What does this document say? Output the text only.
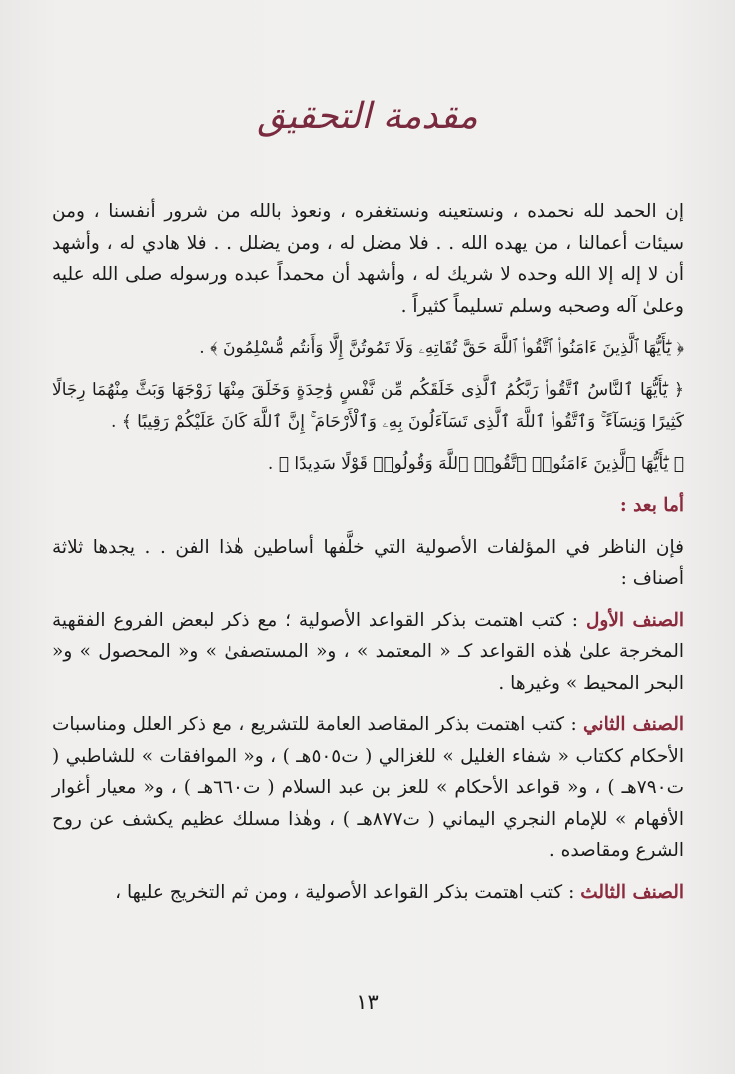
مقدمة التحقيق

إن الحمد لله نحمده ، ونستعينه ونستغفره ، ونعوذ بالله من شرور أنفسنا ، ومن سيئات أعمالنا ، من يهده الله . . فلا مضل له ، ومن يضلل . . فلا هادي له ، وأشهد أن لا إله إلا الله وحده لا شريك له ، وأشهد أن محمداً عبده ورسوله صلى الله عليه وعلىٰ آله وصحبه وسلم تسليماً كثيراً .

﴿ يَٰٓأَيُّهَا ٱلَّذِينَ ءَامَنُوا۟ ٱتَّقُوا۟ ٱللَّهَ حَقَّ تُقَاتِهِۦ وَلَا تَمُوتُنَّ إِلَّا وَأَنتُم مُّسْلِمُونَ ﴾ .

﴿ يَٰٓأَيُّهَا ٱلنَّاسُ ٱتَّقُوا۟ رَبَّكُمُ ٱلَّذِى خَلَقَكُم مِّن نَّفْسٍ وَٰحِدَةٍ وَخَلَقَ مِنْهَا زَوْجَهَا وَبَثَّ مِنْهُمَا رِجَالًا كَثِيرًا وَنِسَآءً ۚ وَٱتَّقُوا۟ ٱللَّهَ ٱلَّذِى تَسَآءَلُونَ بِهِۦ وَٱلْأَرْحَامَ ۚ إِنَّ ٱللَّهَ كَانَ عَلَيْكُمْ رَقِيبًا ﴾ .

﴿ يَٰٓأَيُّهَا ٱلَّذِينَ ءَامَنُوا۟ ٱتَّقُوا۟ ٱللَّهَ وَقُولُوا۟ قَوْلًا سَدِيدًا ﴾ .

أما بعد :

فإن الناظر في المؤلفات الأصولية التي خلَّفها أساطين هٰذا الفن . . يجدها ثلاثة أصناف :

الصنف الأول : كتب اهتمت بذكر القواعد الأصولية ؛ مع ذكر لبعض الفروع الفقهية المخرجة علىٰ هٰذه القواعد كـ « المعتمد » ، و« المستصفىٰ » و« المحصول » و« البحر المحيط » وغيرها .

الصنف الثاني : كتب اهتمت بذكر المقاصد العامة للتشريع ، مع ذكر العلل ومناسبات الأحكام ككتاب « شفاء الغليل » للغزالي ( ت٥٠٥هـ ) ، و« الموافقات » للشاطبي ( ت٧٩٠هـ ) ، و« قواعد الأحكام » للعز بن عبد السلام ( ت٦٦٠هـ ) ، و« معيار أغوار الأفهام » للإمام النجري اليماني ( ت٨٧٧هـ ) ، وهٰذا مسلك عظيم يكشف عن روح الشرع ومقاصده .

الصنف الثالث : كتب اهتمت بذكر القواعد الأصولية ، ومن ثم التخريج عليها ،

١٣
